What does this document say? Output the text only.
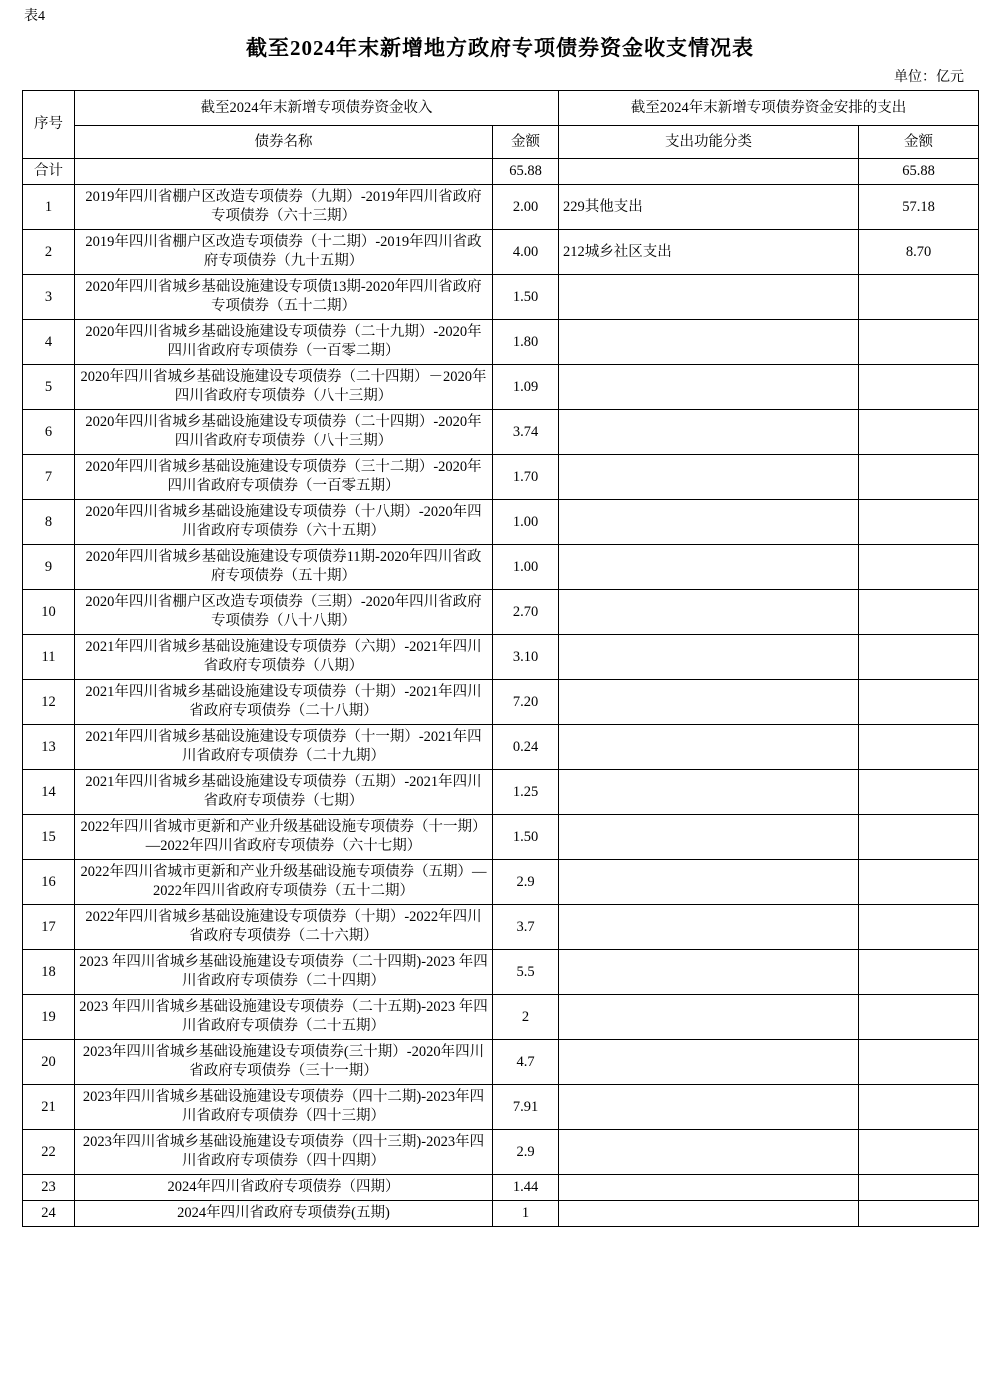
表4
截至2024年末新增地方政府专项债券资金收支情况表
单位：亿元
序号	截至2024年末新增专项债券资金收入		截至2024年末新增专项债券资金安排的支出	
	债券名称	金额	支出功能分类	金额
合计		65.88		65.88
1	2019年四川省棚户区改造专项债券（九期）-2019年四川省政府专项债券（六十三期）	2.00	229其他支出	57.18
2	2019年四川省棚户区改造专项债券（十二期）-2019年四川省政府专项债券（九十五期）	4.00	212城乡社区支出	8.70
3	2020年四川省城乡基础设施建设专项债13期-2020年四川省政府专项债券（五十二期）	1.50		
4	2020年四川省城乡基础设施建设专项债券（二十九期）-2020年四川省政府专项债券（一百零二期）	1.80		
5	2020年四川省城乡基础设施建设专项债券（二十四期）－2020年四川省政府专项债券（八十三期）	1.09		
6	2020年四川省城乡基础设施建设专项债券（二十四期）-2020年四川省政府专项债券（八十三期）	3.74		
7	2020年四川省城乡基础设施建设专项债券（三十二期）-2020年四川省政府专项债券（一百零五期）	1.70		
8	2020年四川省城乡基础设施建设专项债券（十八期）-2020年四川省政府专项债券（六十五期）	1.00		
9	2020年四川省城乡基础设施建设专项债券11期-2020年四川省政府专项债券（五十期）	1.00		
10	2020年四川省棚户区改造专项债券（三期）-2020年四川省政府专项债券（八十八期）	2.70		
11	2021年四川省城乡基础设施建设专项债券（六期）-2021年四川省政府专项债券（八期）	3.10		
12	2021年四川省城乡基础设施建设专项债券（十期）-2021年四川省政府专项债券（二十八期）	7.20		
13	2021年四川省城乡基础设施建设专项债券（十一期）-2021年四川省政府专项债券（二十九期）	0.24		
14	2021年四川省城乡基础设施建设专项债券（五期）-2021年四川省政府专项债券（七期）	1.25		
15	2022年四川省城市更新和产业升级基础设施专项债券（十一期）—2022年四川省政府专项债券（六十七期）	1.50		
16	2022年四川省城市更新和产业升级基础设施专项债券（五期）—2022年四川省政府专项债券（五十二期）	2.9		
17	2022年四川省城乡基础设施建设专项债券（十期）-2022年四川省政府专项债券（二十六期）	3.7		
18	2023 年四川省城乡基础设施建设专项债券（二十四期)-2023 年四川省政府专项债券（二十四期）	5.5		
19	2023 年四川省城乡基础设施建设专项债券（二十五期)-2023 年四川省政府专项债券（二十五期）	2		
20	2023年四川省城乡基础设施建设专项债券(三十期）-2020年四川省政府专项债券（三十一期）	4.7		
21	2023年四川省城乡基础设施建设专项债券（四十二期)-2023年四川省政府专项债券（四十三期）	7.91		
22	2023年四川省城乡基础设施建设专项债券（四十三期)-2023年四川省政府专项债券（四十四期）	2.9		
23	2024年四川省政府专项债券（四期）	1.44		
24	2024年四川省政府专项债券(五期)	1		
